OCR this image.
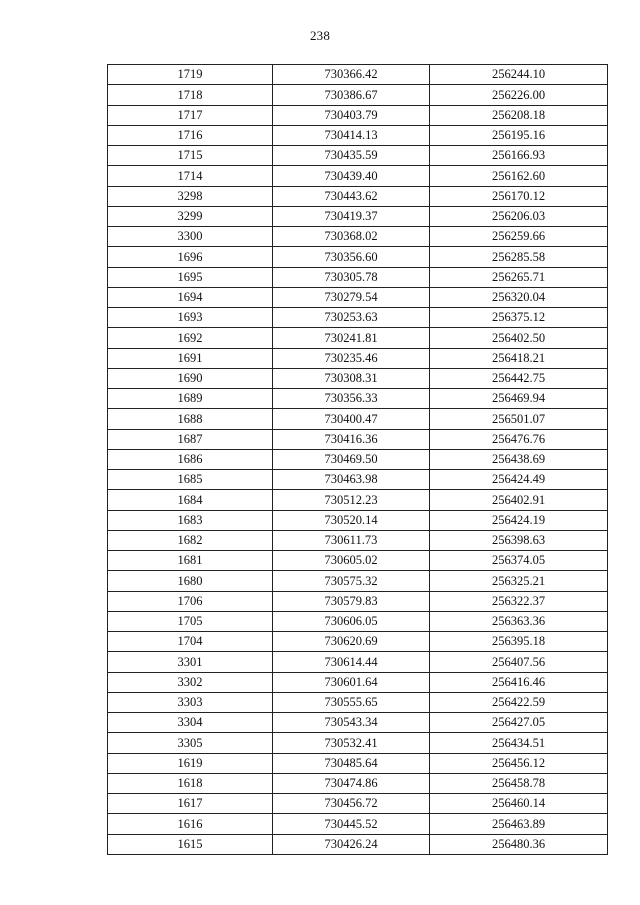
238
1719	730366.42	256244.10
1718	730386.67	256226.00
1717	730403.79	256208.18
1716	730414.13	256195.16
1715	730435.59	256166.93
1714	730439.40	256162.60
3298	730443.62	256170.12
3299	730419.37	256206.03
3300	730368.02	256259.66
1696	730356.60	256285.58
1695	730305.78	256265.71
1694	730279.54	256320.04
1693	730253.63	256375.12
1692	730241.81	256402.50
1691	730235.46	256418.21
1690	730308.31	256442.75
1689	730356.33	256469.94
1688	730400.47	256501.07
1687	730416.36	256476.76
1686	730469.50	256438.69
1685	730463.98	256424.49
1684	730512.23	256402.91
1683	730520.14	256424.19
1682	730611.73	256398.63
1681	730605.02	256374.05
1680	730575.32	256325.21
1706	730579.83	256322.37
1705	730606.05	256363.36
1704	730620.69	256395.18
3301	730614.44	256407.56
3302	730601.64	256416.46
3303	730555.65	256422.59
3304	730543.34	256427.05
3305	730532.41	256434.51
1619	730485.64	256456.12
1618	730474.86	256458.78
1617	730456.72	256460.14
1616	730445.52	256463.89
1615	730426.24	256480.36
